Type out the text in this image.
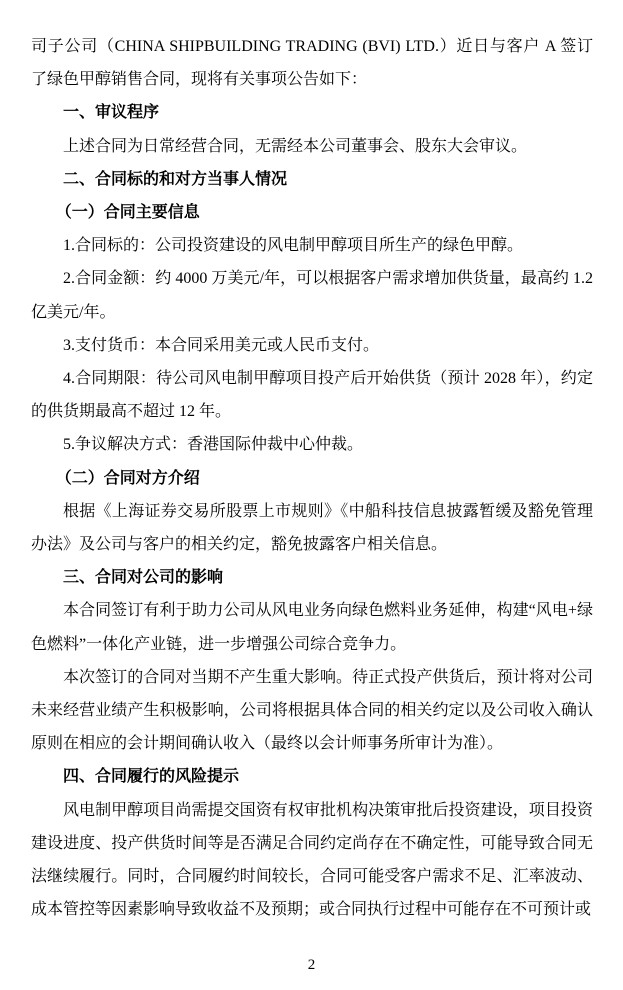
司子公司（CHINA SHIPBUILDING TRADING (BVI) LTD.）近日与客户 A 签订了绿色甲醇销售合同，现将有关事项公告如下：

一、审议程序

上述合同为日常经营合同，无需经本公司董事会、股东大会审议。

二、合同标的和对方当事人情况

（一）合同主要信息

1.合同标的：公司投资建设的风电制甲醇项目所生产的绿色甲醇。

2.合同金额：约 4000 万美元/年，可以根据客户需求增加供货量，最高约 1.2 亿美元/年。

3.支付货币：本合同采用美元或人民币支付。

4.合同期限：待公司风电制甲醇项目投产后开始供货（预计 2028 年），约定的供货期最高不超过 12 年。

5.争议解决方式：香港国际仲裁中心仲裁。

（二）合同对方介绍

根据《上海证券交易所股票上市规则》《中船科技信息披露暂缓及豁免管理办法》及公司与客户的相关约定，豁免披露客户相关信息。

三、合同对公司的影响

本合同签订有利于助力公司从风电业务向绿色燃料业务延伸，构建“风电+绿色燃料”一体化产业链，进一步增强公司综合竞争力。

本次签订的合同对当期不产生重大影响。待正式投产供货后，预计将对公司未来经营业绩产生积极影响，公司将根据具体合同的相关约定以及公司收入确认原则在相应的会计期间确认收入（最终以会计师事务所审计为准）。

四、合同履行的风险提示

风电制甲醇项目尚需提交国资有权审批机构决策审批后投资建设，项目投资建设进度、投产供货时间等是否满足合同约定尚存在不确定性，可能导致合同无法继续履行。同时，合同履约时间较长，合同可能受客户需求不足、汇率波动、成本管控等因素影响导致收益不及预期；或合同执行过程中可能存在不可预计或

2
